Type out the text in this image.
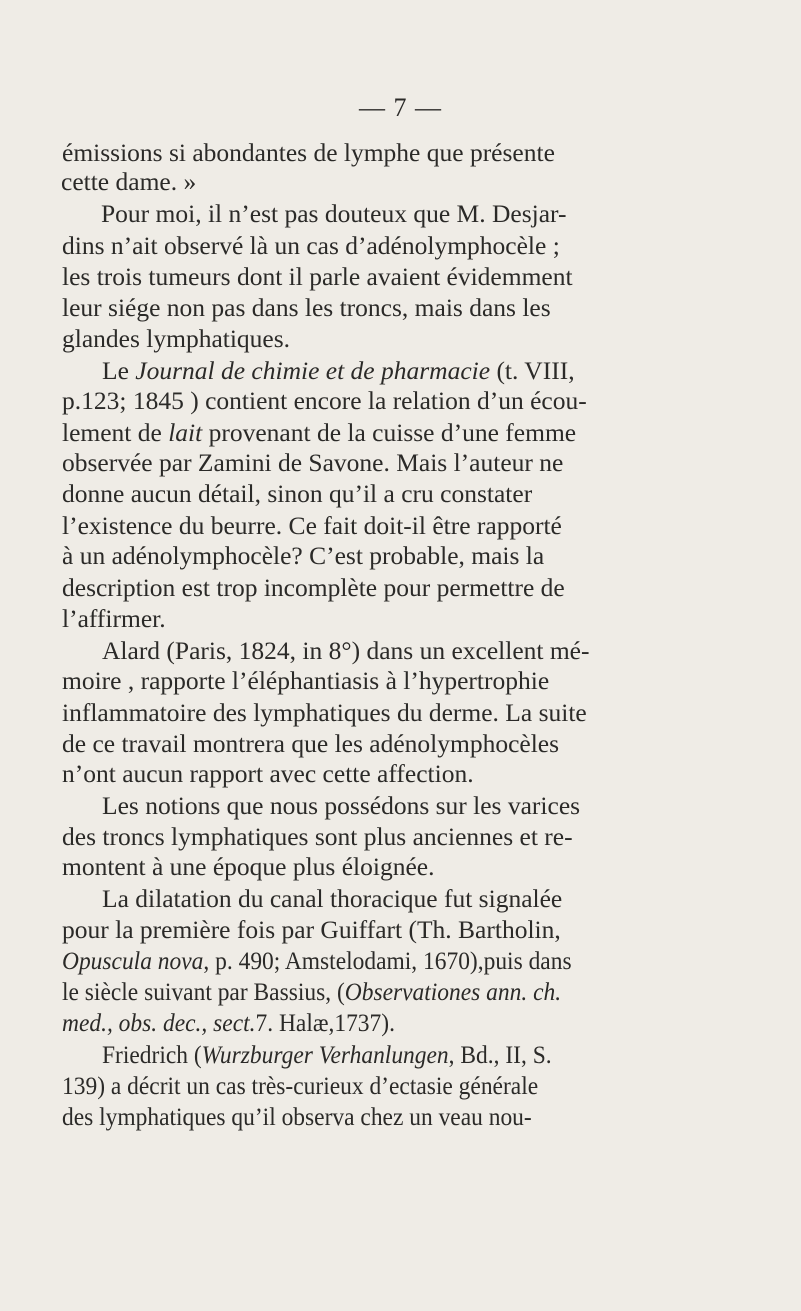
— 7 —
émissions si abondantes de lymphe que présente
cette dame. »
Pour moi, il n’est pas douteux que M. Desjar-
dins n’ait observé là un cas d’adénolymphocèle ;
les trois tumeurs dont il parle avaient évidemment
leur siége non pas dans les troncs, mais dans les
glandes lymphatiques.
Le Journal de chimie et de pharmacie (t. VIII,
p.123; 1845 ) contient encore la relation d’un écou-
lement de lait provenant de la cuisse d’une femme
observée par Zamini de Savone. Mais l’auteur ne
donne aucun détail, sinon qu’il a cru constater
l’existence du beurre. Ce fait doit-il être rapporté
à un adénolymphocèle? C’est probable, mais la
description est trop incomplète pour permettre de
l’affirmer.
Alard (Paris, 1824, in 8°) dans un excellent mé-
moire , rapporte l’éléphantiasis à l’hypertrophie
inflammatoire des lymphatiques du derme. La suite
de ce travail montrera que les adénolymphocèles
n’ont aucun rapport avec cette affection.
Les notions que nous possédons sur les varices
des troncs lymphatiques sont plus anciennes et re-
montent à une époque plus éloignée.
La dilatation du canal thoracique fut signalée
pour la première fois par Guiffart (Th. Bartholin,
Opuscula nova, p. 490; Amstelodami, 1670),puis dans
le siècle suivant par Bassius, (Observationes ann. ch.
med., obs. dec., sect.7. Halæ,1737).
Friedrich (Wurzburger Verhanlungen, Bd., II, S.
139) a décrit un cas très-curieux d’ectasie générale
des lymphatiques qu’il observa chez un veau nou-
